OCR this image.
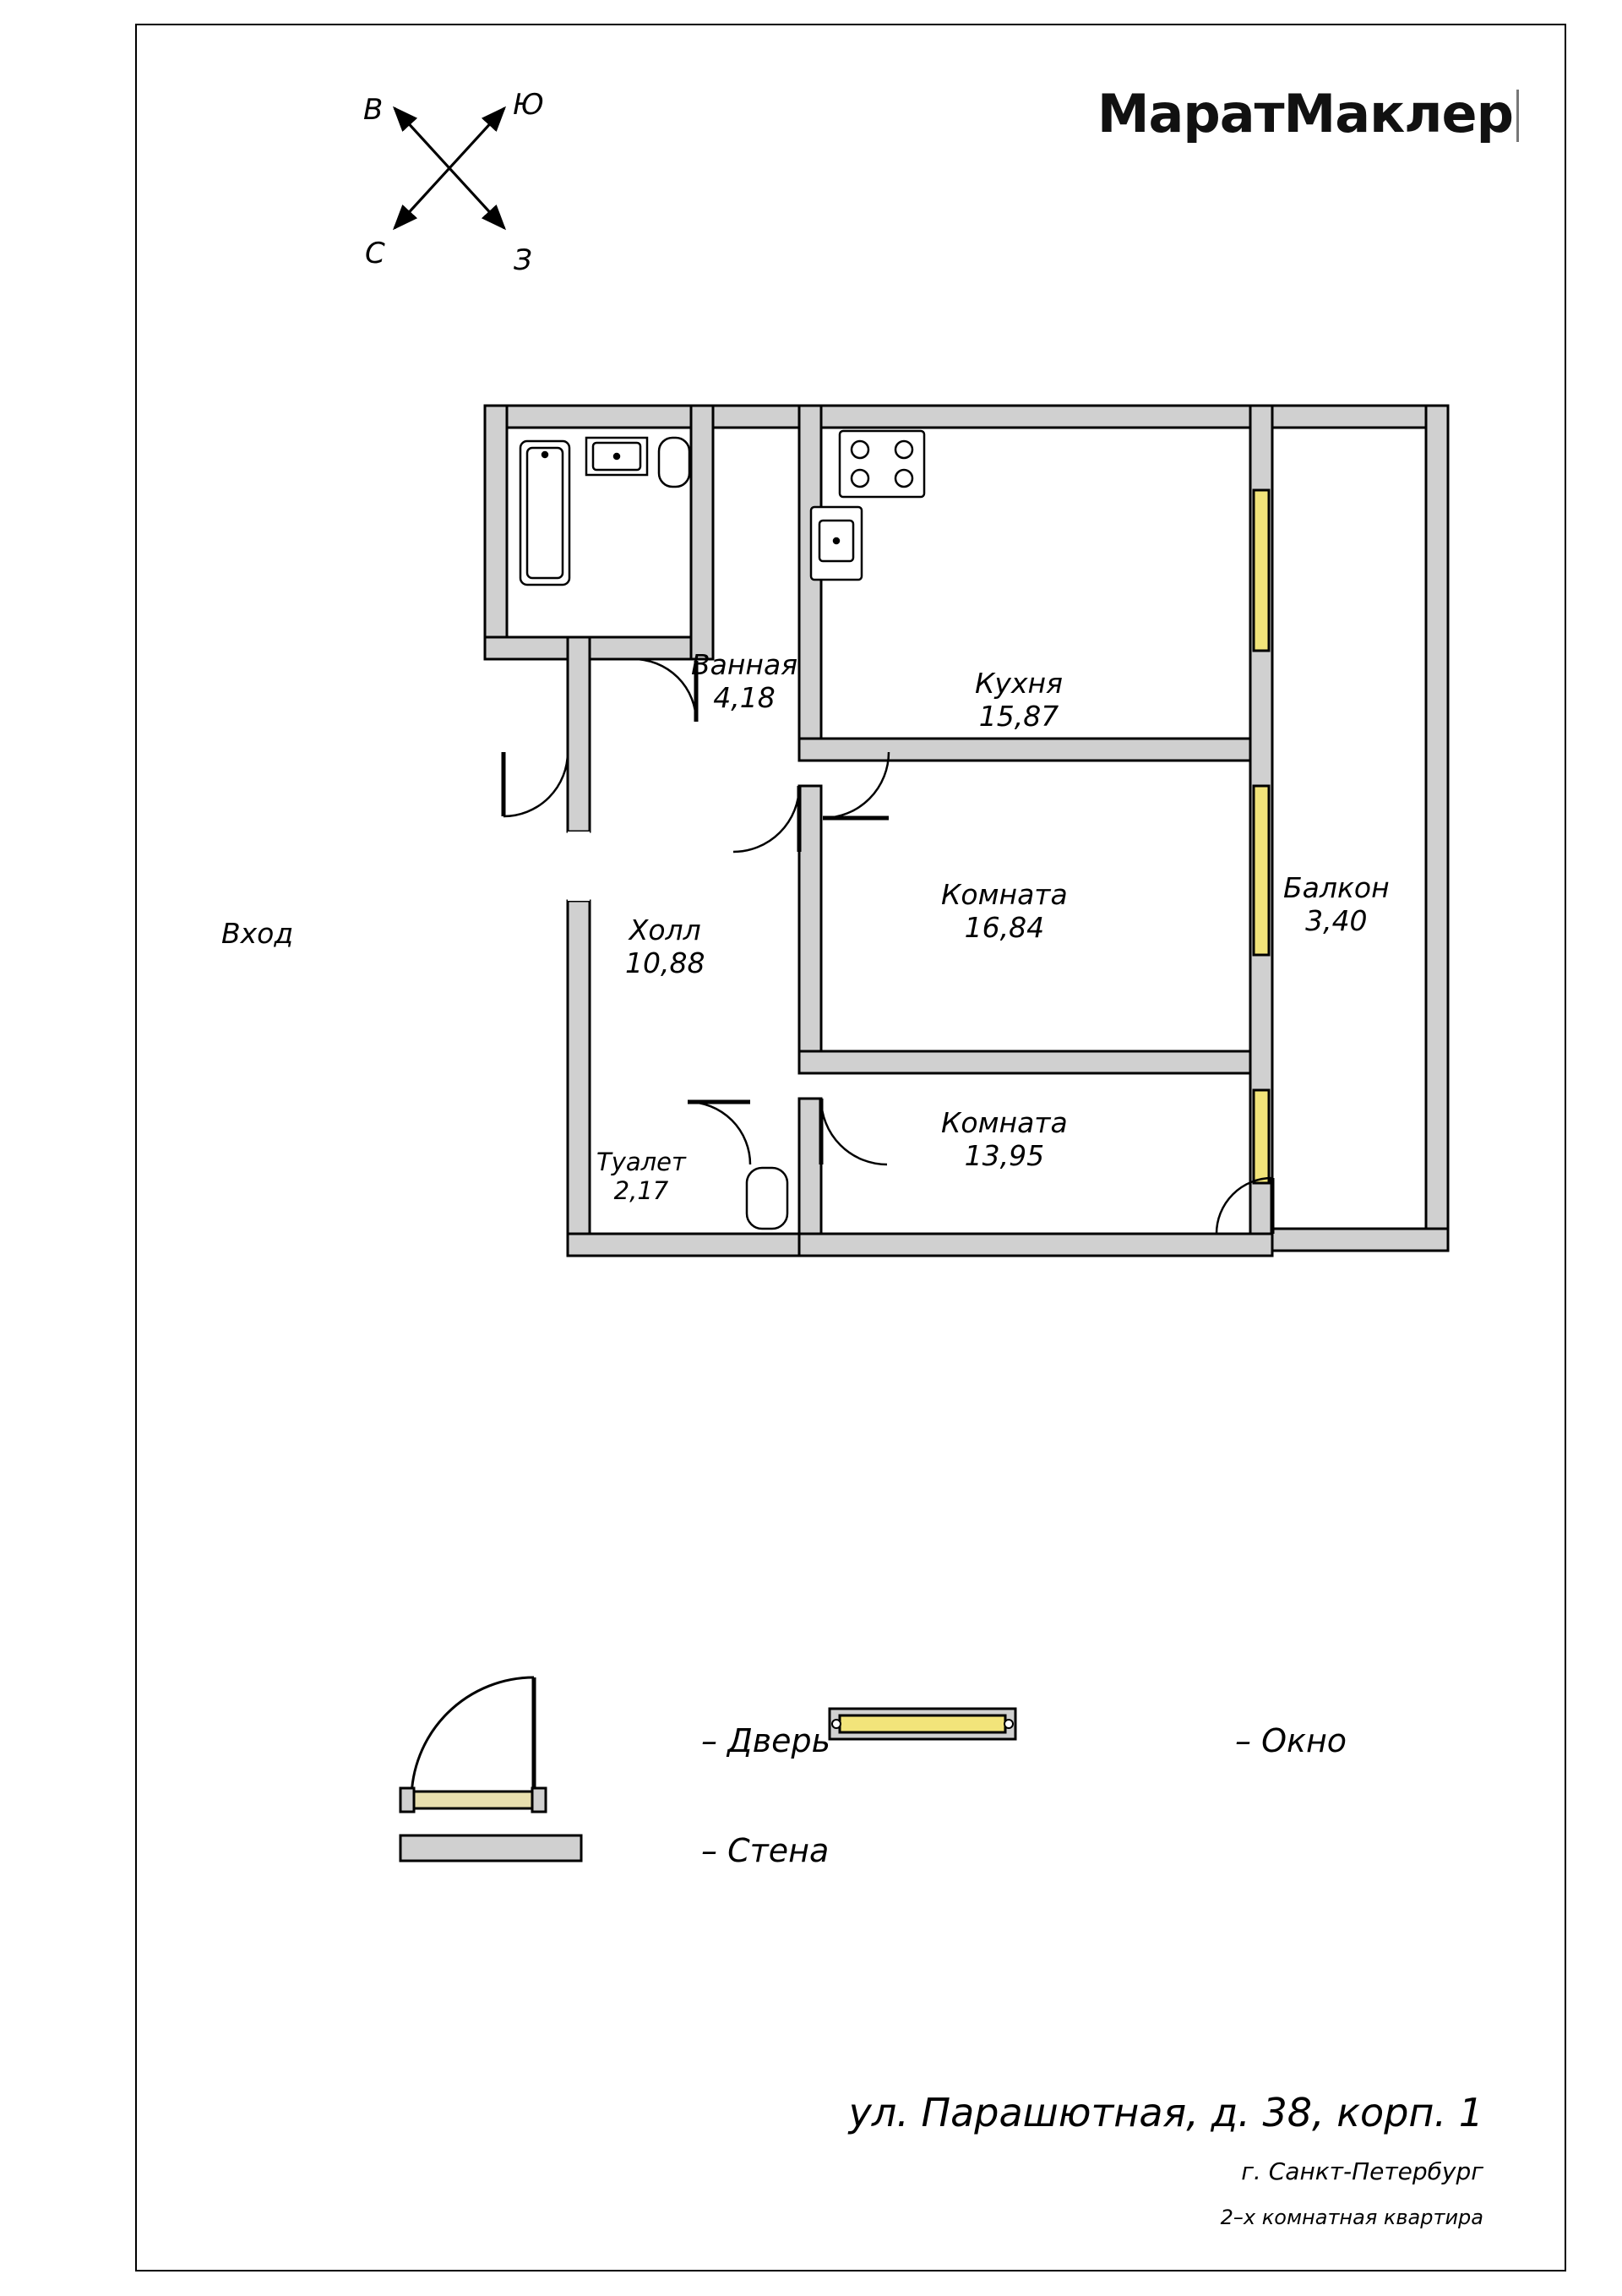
В	Ю
С	З
МаратМаклер
Ванная
4,18	Кухня
15,87
Балкон
3,40
Холл
10,88
Комната
16,84
Комната
13,95
Туалет
2,17
Вход
– Дверь	– Окно
– Стена
ул. Парашютная, д. 38, корп. 1
г. Санкт-Петербург
2–х комнатная квартира
